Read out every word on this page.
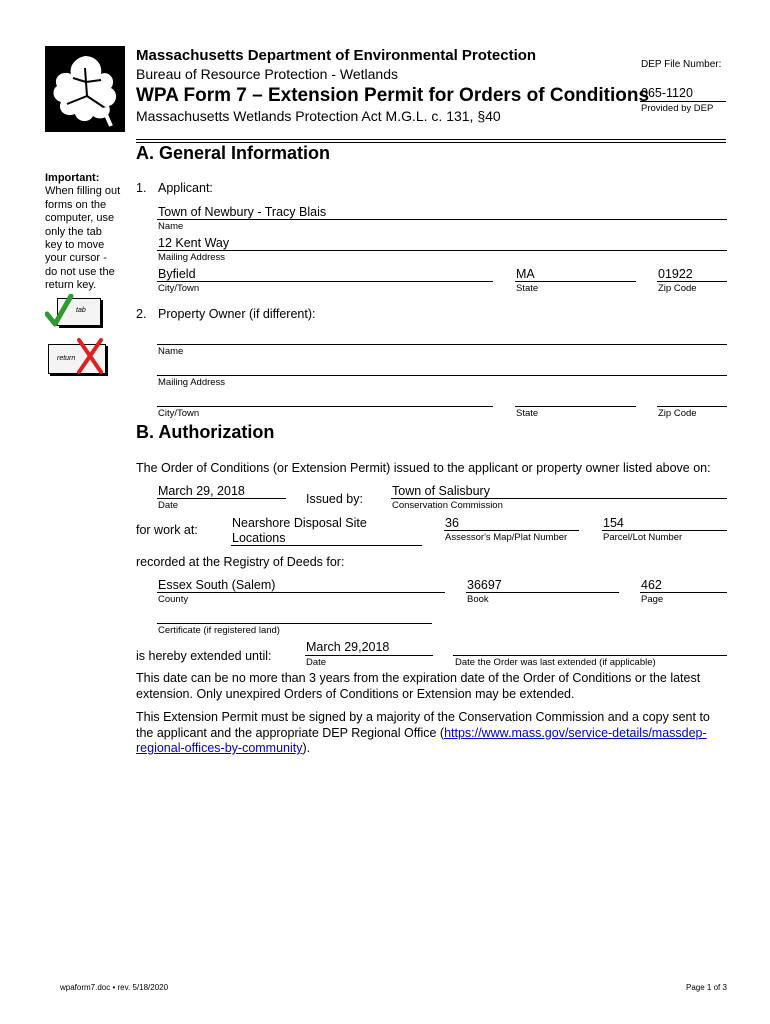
Massachusetts Department of Environmental Protection
Bureau of Resource Protection - Wetlands
WPA Form 7 – Extension Permit for Orders of Conditions
Massachusetts Wetlands Protection Act M.G.L. c. 131, §40
DEP File Number:
065-1120
Provided by DEP
A. General Information
Important:
When filling out
forms on the
computer, use
only the tab
key to move
your cursor -
do not use the
return key.
tab
return
1. Applicant:
Town of Newbury - Tracy Blais
Name
12 Kent Way
Mailing Address
Byfield
City/Town
MA
State
01922
Zip Code
2. Property Owner (if different):
Name
Mailing Address
City/Town	State	Zip Code
B. Authorization
The Order of Conditions (or Extension Permit) issued to the applicant or property owner listed above on:
March 29, 2018
Date	Issued by:
Town of Salisbury
Conservation Commission
for work at:	Nearshore Disposal Site
Locations
36
Assessor's Map/Plat Number
154
Parcel/Lot Number
recorded at the Registry of Deeds for:
Essex South (Salem)
County
36697
Book
462
Page
Certificate (if registered land)
is hereby extended until:
March 29,2018
Date	Date the Order was last extended (if applicable)
This date can be no more than 3 years from the expiration date of the Order of Conditions or the latest
extension. Only unexpired Orders of Conditions or Extension may be extended.
This Extension Permit must be signed by a majority of the Conservation Commission and a copy sent to
the applicant and the appropriate DEP Regional Office (https://www.mass.gov/service-details/massdep-
regional-offices-by-community).
wpaform7.doc • rev. 5/18/2020	Page 1 of 3
